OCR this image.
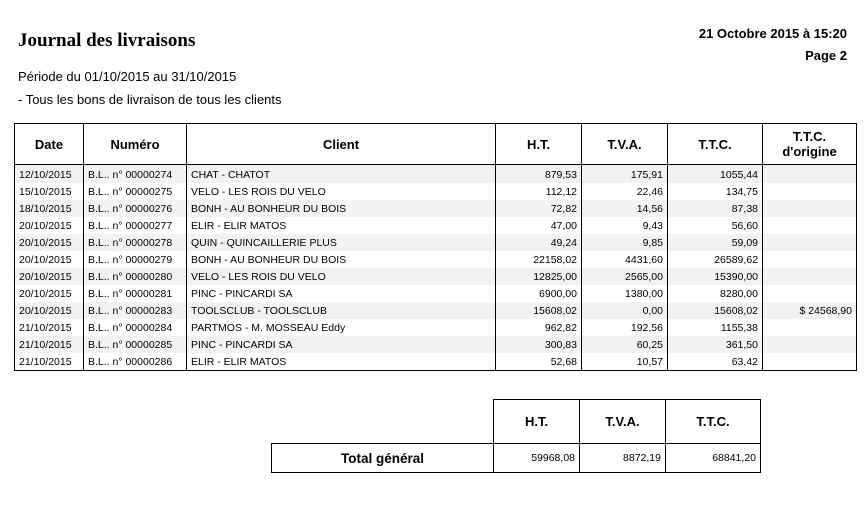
Journal des livraisons	21 Octobre 2015 à 15:20
Page 2
Période du 01/10/2015 au 31/10/2015
- Tous les bons de livraison de tous les clients
Date	Numéro	Client	H.T.	T.V.A.	T.T.C.	T.T.C.
d'origine
12/10/2015	B.L.. n° 00000274	CHAT - CHATOT	879,53	175,91	1055,44	
15/10/2015	B.L.. n° 00000275	VELO - LES ROIS DU VELO	112,12	22,46	134,75	
18/10/2015	B.L.. n° 00000276	BONH - AU BONHEUR DU BOIS	72,82	14,56	87,38	
20/10/2015	B.L.. n° 00000277	ELIR - ELIR MATOS	47,00	9,43	56,60	
20/10/2015	B.L.. n° 00000278	QUIN - QUINCAILLERIE PLUS	49,24	9,85	59,09	
20/10/2015	B.L.. n° 00000279	BONH - AU BONHEUR DU BOIS	22158,02	4431,60	26589,62	
20/10/2015	B.L.. n° 00000280	VELO - LES ROIS DU VELO	12825,00	2565,00	15390,00	
20/10/2015	B.L.. n° 00000281	PINC - PINCARDI SA	6900,00	1380,00	8280,00	
20/10/2015	B.L.. n° 00000283	TOOLSCLUB - TOOLSCLUB	15608,02	0,00	15608,02	$ 24568,90
21/10/2015	B.L.. n° 00000284	PARTMOS - M. MOSSEAU Eddy	962,82	192,56	1155,38	
21/10/2015	B.L.. n° 00000285	PINC - PINCARDI SA	300,83	60,25	361,50	
21/10/2015	B.L.. n° 00000286	ELIR - ELIR MATOS	52,68	10,57	63,42	
	H.T.	T.V.A.	T.T.C.
Total général	59968,08	8872,19	68841,20
